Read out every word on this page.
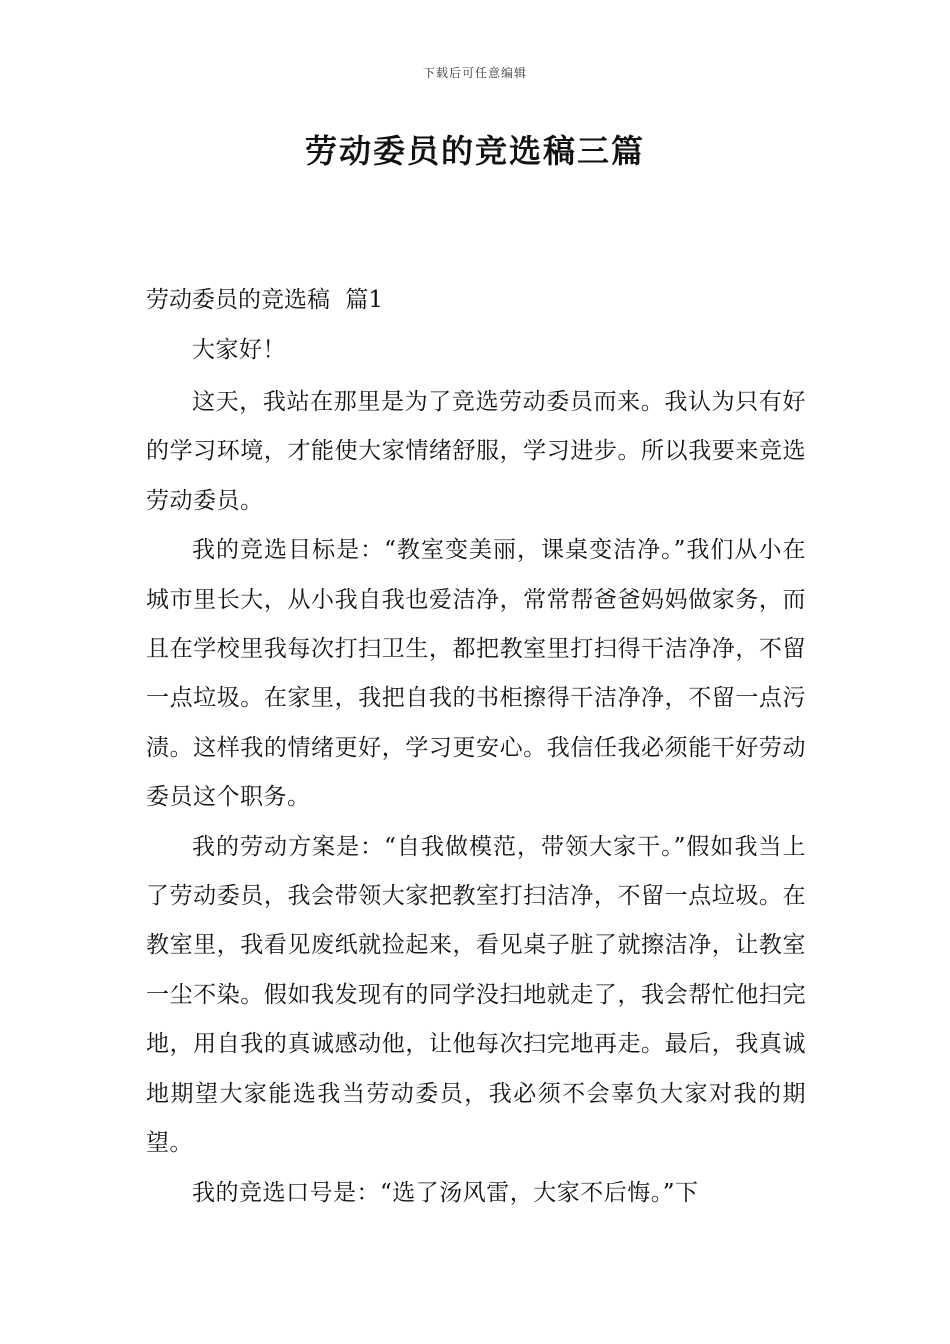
下载后可任意编辑
劳动委员的竞选稿三篇
劳动委员的竞选稿 篇1

大家好！

这天，我站在那里是为了竞选劳动委员而来。我认为只有好的学习环境，才能使大家情绪舒服，学习进步。所以我要来竞选劳动委员。

我的竞选目标是：“教室变美丽，课桌变洁净。”我们从小在城市里长大，从小我自我也爱洁净，常常帮爸爸妈妈做家务，而且在学校里我每次打扫卫生，都把教室里打扫得干洁净净，不留一点垃圾。在家里，我把自我的书柜擦得干洁净净，不留一点污渍。这样我的情绪更好，学习更安心。我信任我必须能干好劳动委员这个职务。

我的劳动方案是：“自我做模范，带领大家干。”假如我当上了劳动委员，我会带领大家把教室打扫洁净，不留一点垃圾。在教室里，我看见废纸就捡起来，看见桌子脏了就擦洁净，让教室一尘不染。假如我发现有的同学没扫地就走了，我会帮忙他扫完地，用自我的真诚感动他，让他每次扫完地再走。最后，我真诚地期望大家能选我当劳动委员，我必须不会辜负大家对我的期望。

我的竞选口号是：“选了汤风雷，大家不后悔。”下
